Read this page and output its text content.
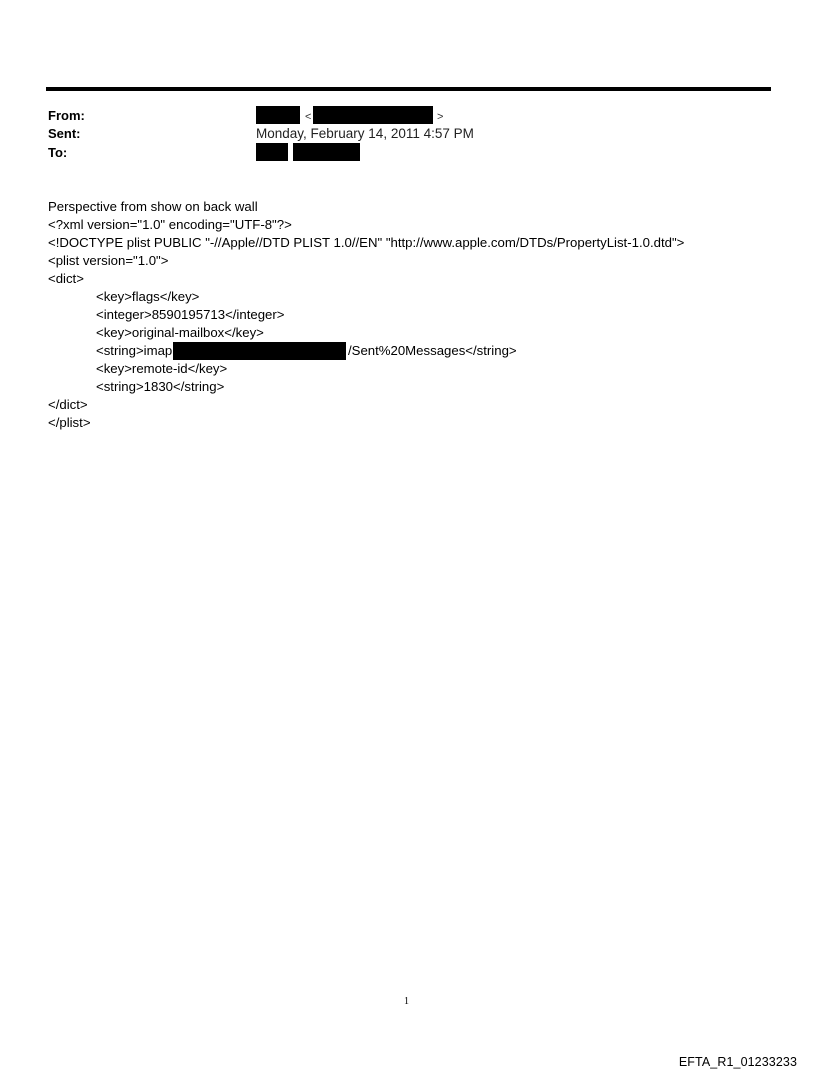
From:
Sent:
To:
<	>
Monday, February 14, 2011 4:57 PM
Perspective from show on back wall
<?xml version="1.0" encoding="UTF-8"?>
<!DOCTYPE plist PUBLIC "-//Apple//DTD PLIST 1.0//EN" "http://www.apple.com/DTDs/PropertyList-1.0.dtd">
<plist version="1.0">
<dict>
<key>flags</key>
<integer>8590195713</integer>
<key>original-mailbox</key>
<string>imap	/Sent%20Messages</string>
<key>remote-id</key>
<string>1830</string>
</dict>
</plist>
1
EFTA_R1_01233233
